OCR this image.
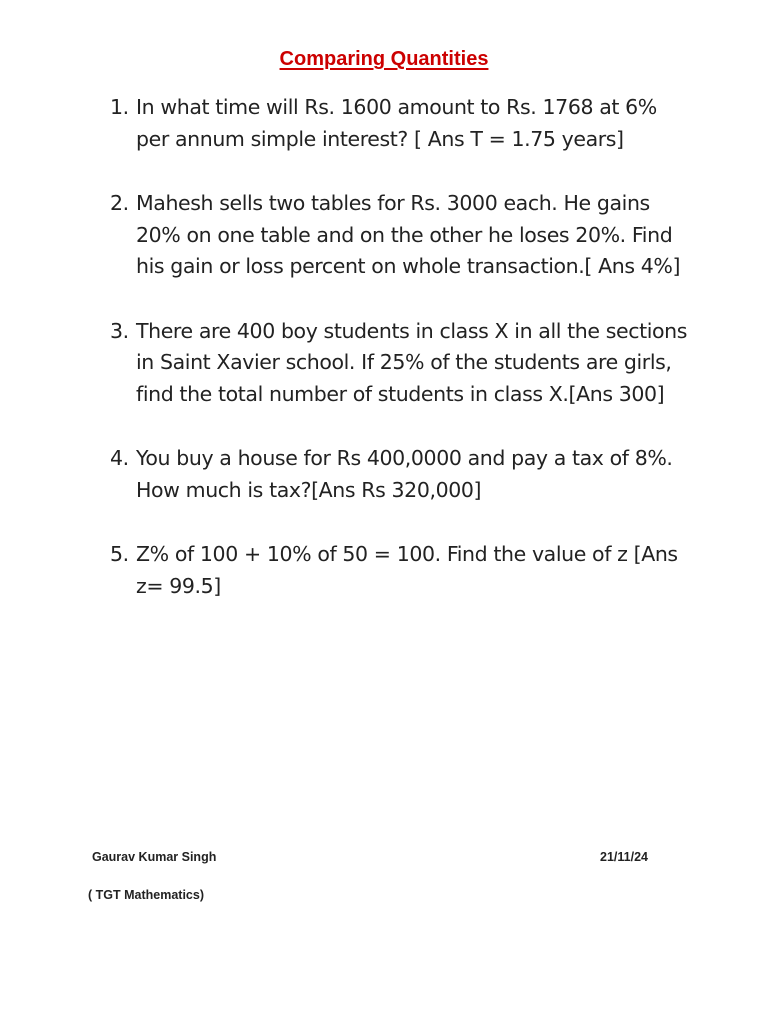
Comparing Quantities
1. In what time will Rs. 1600 amount to Rs. 1768 at 6% per annum simple interest? [ Ans T = 1.75 years]
2. Mahesh sells two tables for Rs. 3000 each. He gains 20% on one table and on the other he loses 20%. Find his gain or loss percent on whole transaction.[ Ans 4%]
3. There are 400 boy students in class X in all the sections in Saint Xavier school. If 25% of the students are girls, find the total number of students in class X.[Ans 300]
4. You buy a house for Rs 400,0000 and pay a tax of 8%. How much is tax?[Ans Rs 320,000]
5. Z% of 100 + 10% of 50 = 100. Find the value of z [Ans z= 99.5]
Gaurav Kumar Singh	21/11/24
( TGT Mathematics)
